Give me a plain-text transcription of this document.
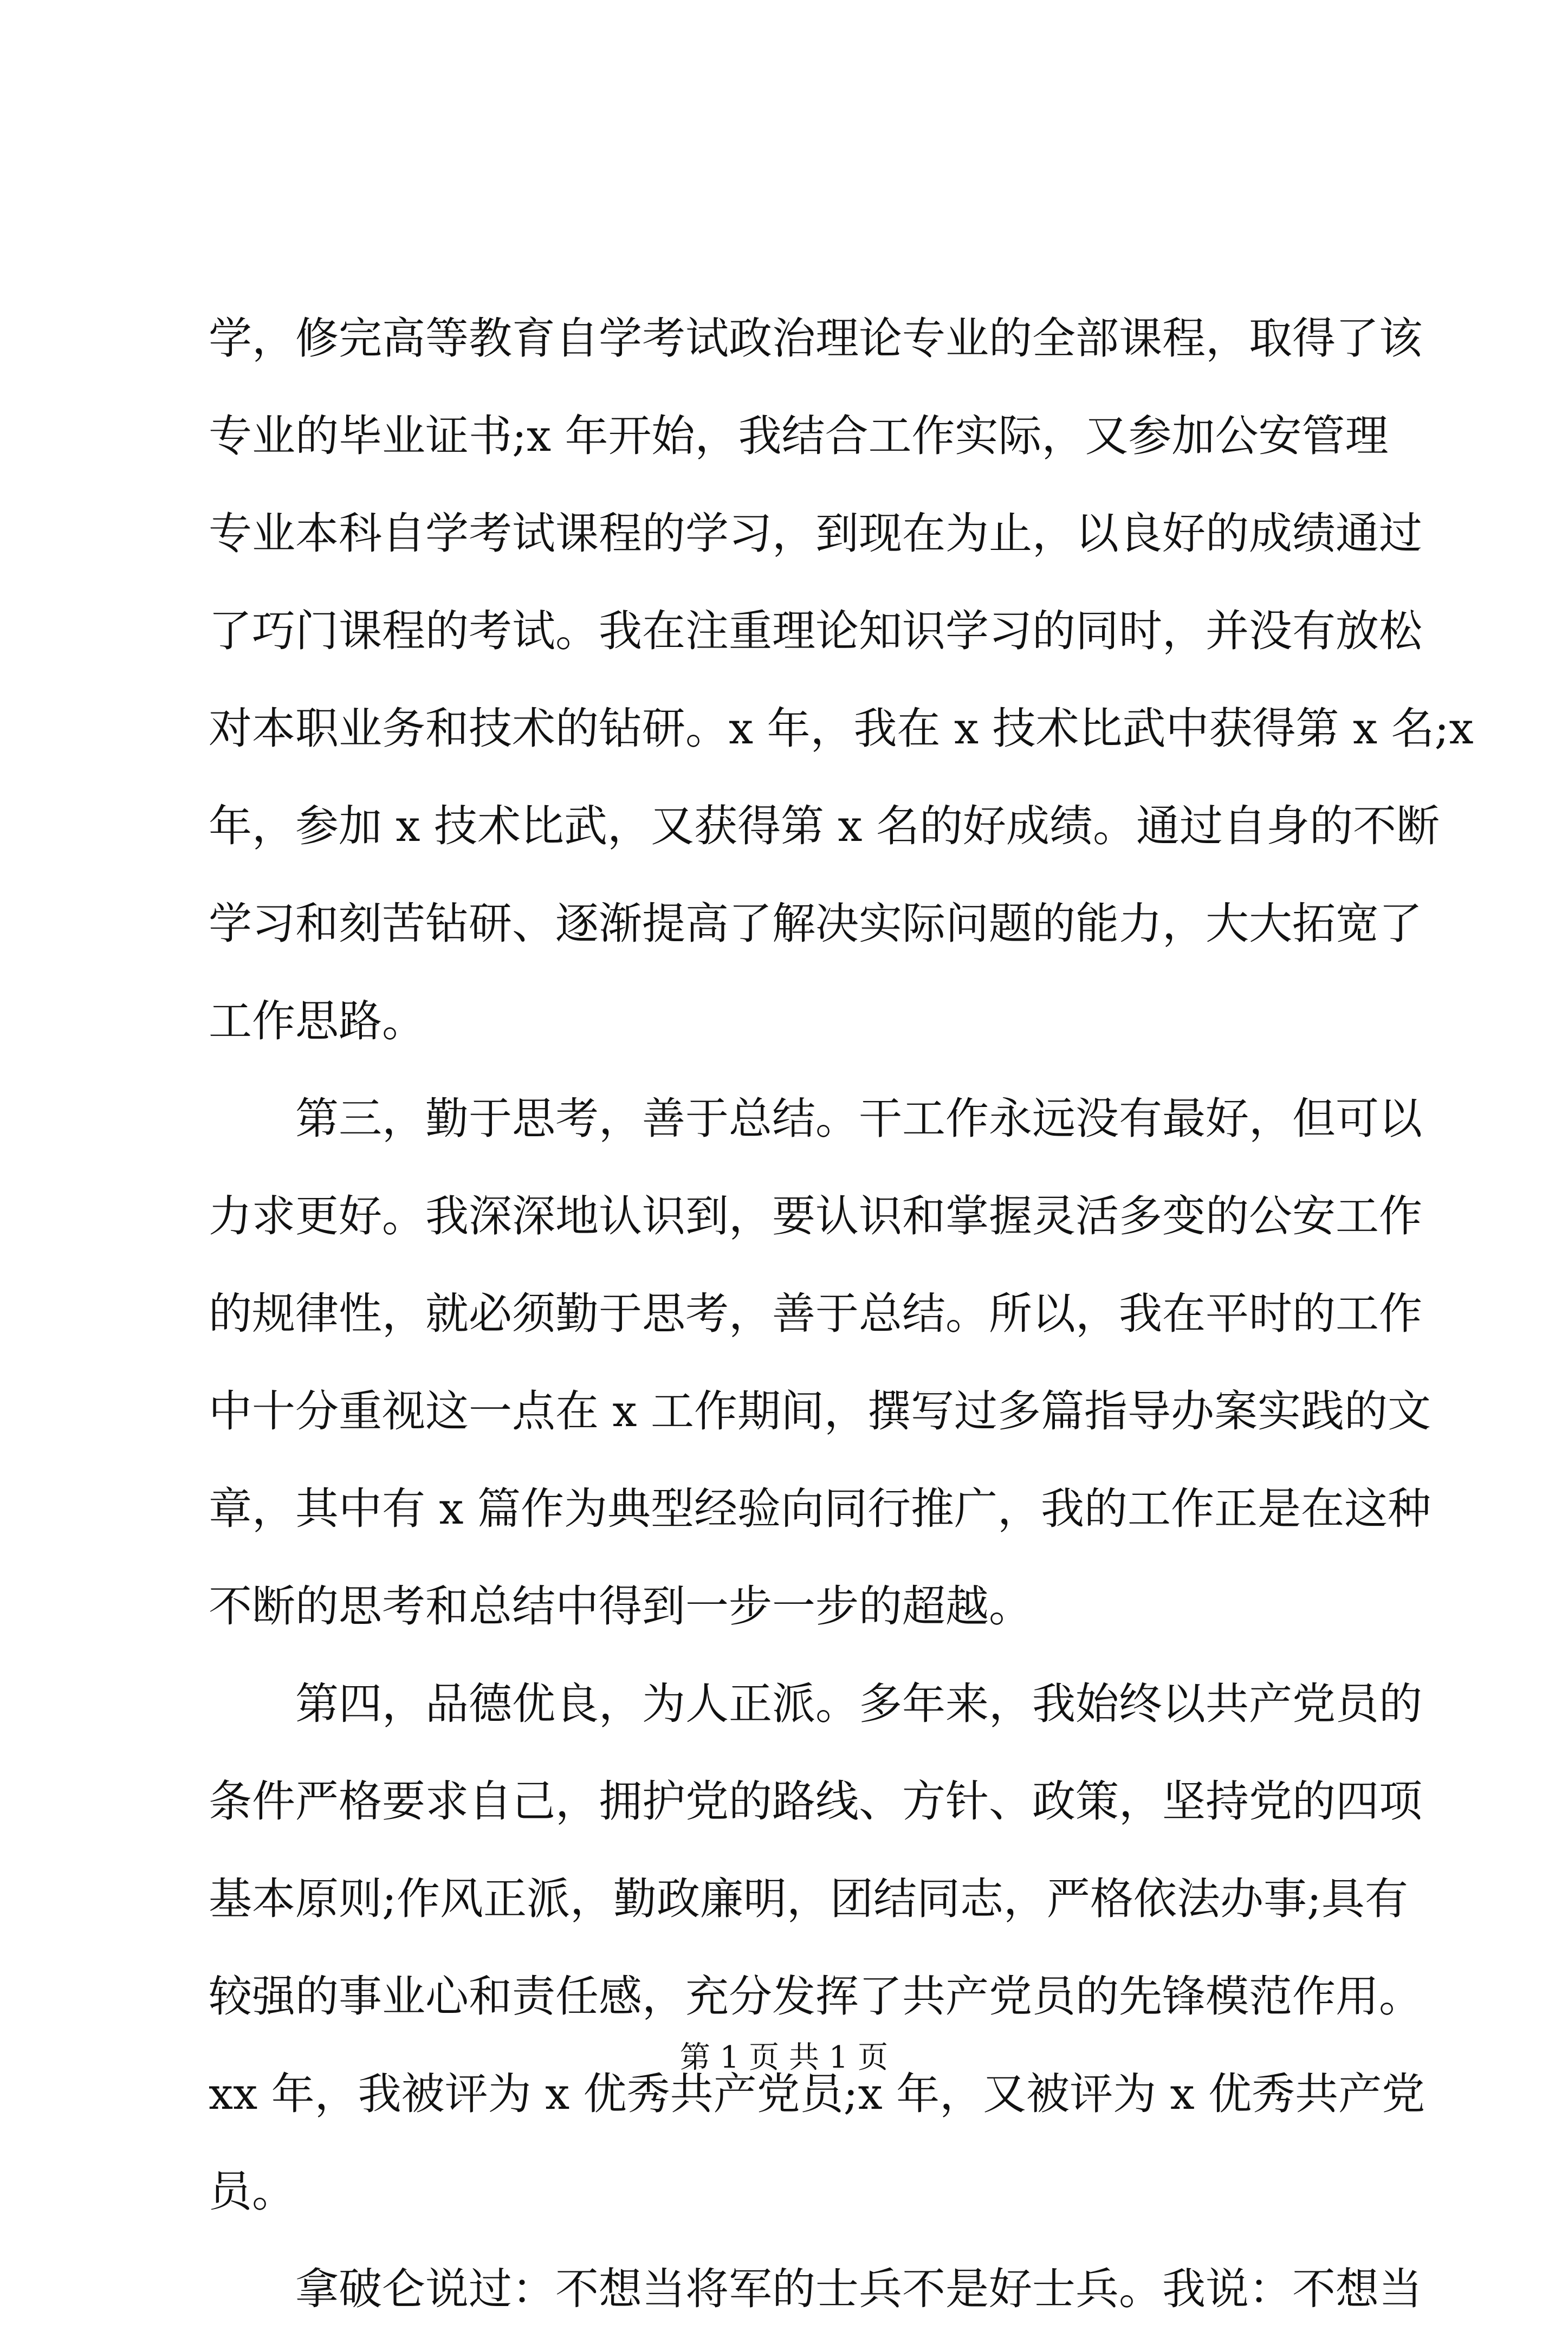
学，修完高等教育自学考试政治理论专业的全部课程，取得了该
专业的毕业证书;x 年开始，我结合工作实际，又参加公安管理
专业本科自学考试课程的学习，到现在为止，以良好的成绩通过
了巧门课程的考试。我在注重理论知识学习的同时，并没有放松
对本职业务和技术的钻研。x 年，我在 x 技术比武中获得第 x 名;x
年，参加 x 技术比武，又获得第 x 名的好成绩。通过自身的不断
学习和刻苦钻研、逐渐提高了解决实际问题的能力，大大拓宽了
工作思路。
第三，勤于思考，善于总结。干工作永远没有最好，但可以
力求更好。我深深地认识到，要认识和掌握灵活多变的公安工作
的规律性，就必须勤于思考，善于总结。所以，我在平时的工作
中十分重视这一点在 x 工作期间，撰写过多篇指导办案实践的文
章，其中有 x 篇作为典型经验向同行推广，我的工作正是在这种
不断的思考和总结中得到一步一步的超越。
第四，品德优良，为人正派。多年来，我始终以共产党员的
条件严格要求自己，拥护党的路线、方针、政策，坚持党的四项
基本原则;作风正派，勤政廉明，团结同志，严格依法办事;具有
较强的事业心和责任感，充分发挥了共产党员的先锋模范作用。
xx 年，我被评为 x 优秀共产党员;x 年，又被评为 x 优秀共产党
员。
拿破仑说过：不想当将军的士兵不是好士兵。我说：不想当
第 1 页 共 1 页
